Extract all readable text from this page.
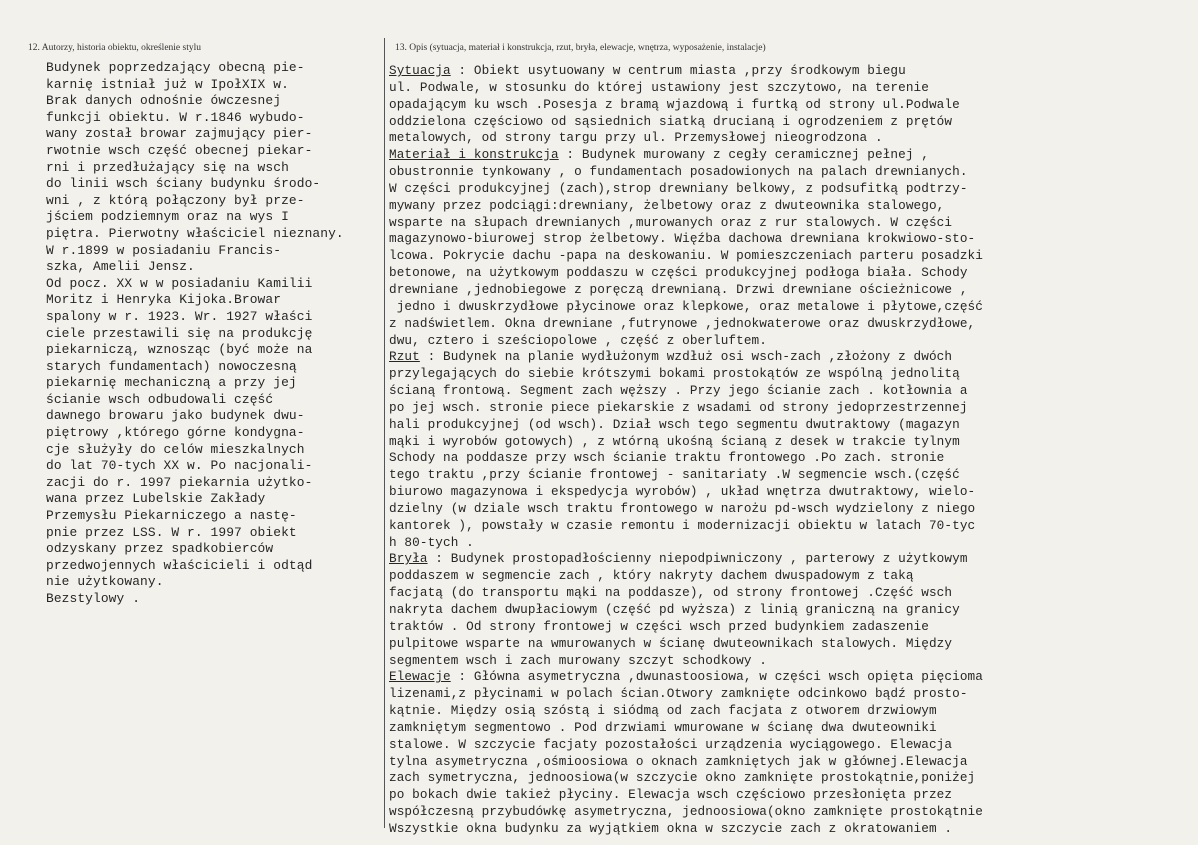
12. Autorzy, historia obiektu, określenie stylu	13. Opis (sytuacja, materiał i konstrukcja, rzut, bryła, elewacje, wnętrza, wyposażenie, instalacje)
Budynek poprzedzający obecną pie-
karnię istniał już w IpołXIX w.
Brak danych odnośnie ówczesnej
funkcji obiektu. W r.1846 wybudo-
wany został browar zajmujący pier-
rwotnie wsch część obecnej piekar-
rni i przedłużający się na wsch
do linii wsch ściany budynku środo-
wni , z którą połączony był prze-
jściem podziemnym oraz na wys I
piętra. Pierwotny właściciel nieznany.
W r.1899 w posiadaniu Francis-
szka, Amelii Jensz.
Od pocz. XX w w posiadaniu Kamilii
Moritz i Henryka Kijoka.Browar
spalony w r. 1923. Wr. 1927 właści
ciele przestawili się na produkcję
piekarniczą, wznosząc (być może na
starych fundamentach) nowoczesną
piekarnię mechaniczną a przy jej
ścianie wsch odbudowali część
dawnego browaru jako budynek dwu-
piętrowy ,którego górne kondygna-
cje służyły do celów mieszkalnych
do lat 70-tych XX w. Po nacjonali-
zacji do r. 1997 piekarnia użytko-
wana przez Lubelskie Zakłady
Przemysłu Piekarniczego a nastę-
pnie przez LSS. W r. 1997 obiekt
odzyskany przez spadkobierców
przedwojennych właścicieli i odtąd
nie użytkowany.
Bezstylowy .
Sytuacja : Obiekt usytuowany w centrum miasta ,przy środkowym biegu
ul. Podwale, w stosunku do której ustawiony jest szczytowo, na terenie
opadającym ku wsch .Posesja z bramą wjazdową i furtką od strony ul.Podwale
oddzielona częściowo od sąsiednich siatką drucianą i ogrodzeniem z prętów
metalowych, od strony targu przy ul. Przemysłowej nieogrodzona .
Materiał i konstrukcja : Budynek murowany z cegły ceramicznej pełnej ,
obustronnie tynkowany , o fundamentach posadowionych na palach drewnianych.
W części produkcyjnej (zach),strop drewniany belkowy, z podsufitką podtrzy-
mywany przez podciągi:drewniany, żelbetowy oraz z dwuteownika stalowego,
wsparte na słupach drewnianych ,murowanych oraz z rur stalowych. W części
magazynowo-biurowej strop żelbetowy. Więźba dachowa drewniana krokwiowo-sto-
lcowa. Pokrycie dachu -papa na deskowaniu. W pomieszczeniach parteru posadzki
betonowe, na użytkowym poddaszu w części produkcyjnej podłoga biała. Schody
drewniane ,jednobiegowe z poręczą drewnianą. Drzwi drewniane ościeżnicowe ,
jedno i dwuskrzydłowe płycinowe oraz klepkowe, oraz metalowe i płytowe,część
z nadświetlem. Okna drewniane ,futrynowe ,jednokwaterowe oraz dwuskrzydłowe,
dwu, cztero i sześciopolowe , część z oberluftem.
Rzut : Budynek na planie wydłużonym wzdłuż osi wsch-zach ,złożony z dwóch
przylegających do siebie krótszymi bokami prostokątów ze wspólną jednolitą
ścianą frontową. Segment zach węższy . Przy jego ścianie zach . kotłownia a
po jej wsch. stronie piece piekarskie z wsadami od strony jedoprzestrzennej
hali produkcyjnej (od wsch). Dział wsch tego segmentu dwutraktowy (magazyn
mąki i wyrobów gotowych) , z wtórną ukośną ścianą z desek w trakcie tylnym
Schody na poddasze przy wsch ścianie traktu frontowego .Po zach. stronie
tego traktu ,przy ścianie frontowej - sanitariaty .W segmencie wsch.(część
biurowo magazynowa i ekspedycja wyrobów) , układ wnętrza dwutraktowy, wielo-
dzielny (w dziale wsch traktu frontowego w narożu pd-wsch wydzielony z niego
kantorek ), powstały w czasie remontu i modernizacji obiektu w latach 70-tyc
h 80-tych .
Bryła : Budynek prostopadłościenny niepodpiwniczony , parterowy z użytkowym
poddaszem w segmencie zach , który nakryty dachem dwuspadowym z taką
facjatą (do transportu mąki na poddasze), od strony frontowej .Część wsch
nakryta dachem dwupłaciowym (część pd wyższa) z linią graniczną na granicy
traktów . Od strony frontowej w części wsch przed budynkiem zadaszenie
pulpitowe wsparte na wmurowanych w ścianę dwuteownikach stalowych. Między
segmentem wsch i zach murowany szczyt schodkowy .
Elewacje : Główna asymetryczna ,dwunastoosiowa, w części wsch opięta pięcioma
lizenami,z płycinami w polach ścian.Otwory zamknięte odcinkowo bądź prosto-
kątnie. Między osią szóstą i siódmą od zach facjata z otworem drzwiowym
zamkniętym segmentowo . Pod drzwiami wmurowane w ścianę dwa dwuteowniki
stalowe. W szczycie facjaty pozostałości urządzenia wyciągowego. Elewacja
tylna asymetryczna ,ośmioosiowa o oknach zamkniętych jak w głównej.Elewacja
zach symetryczna, jednoosiowa(w szczycie okno zamknięte prostokątnie,poniżej
po bokach dwie takież płyciny. Elewacja wsch częściowo przesłonięta przez
współczesną przybudówkę asymetryczna, jednoosiowa(okno zamknięte prostokątnie
Wszystkie okna budynku za wyjątkiem okna w szczycie zach z okratowaniem .
